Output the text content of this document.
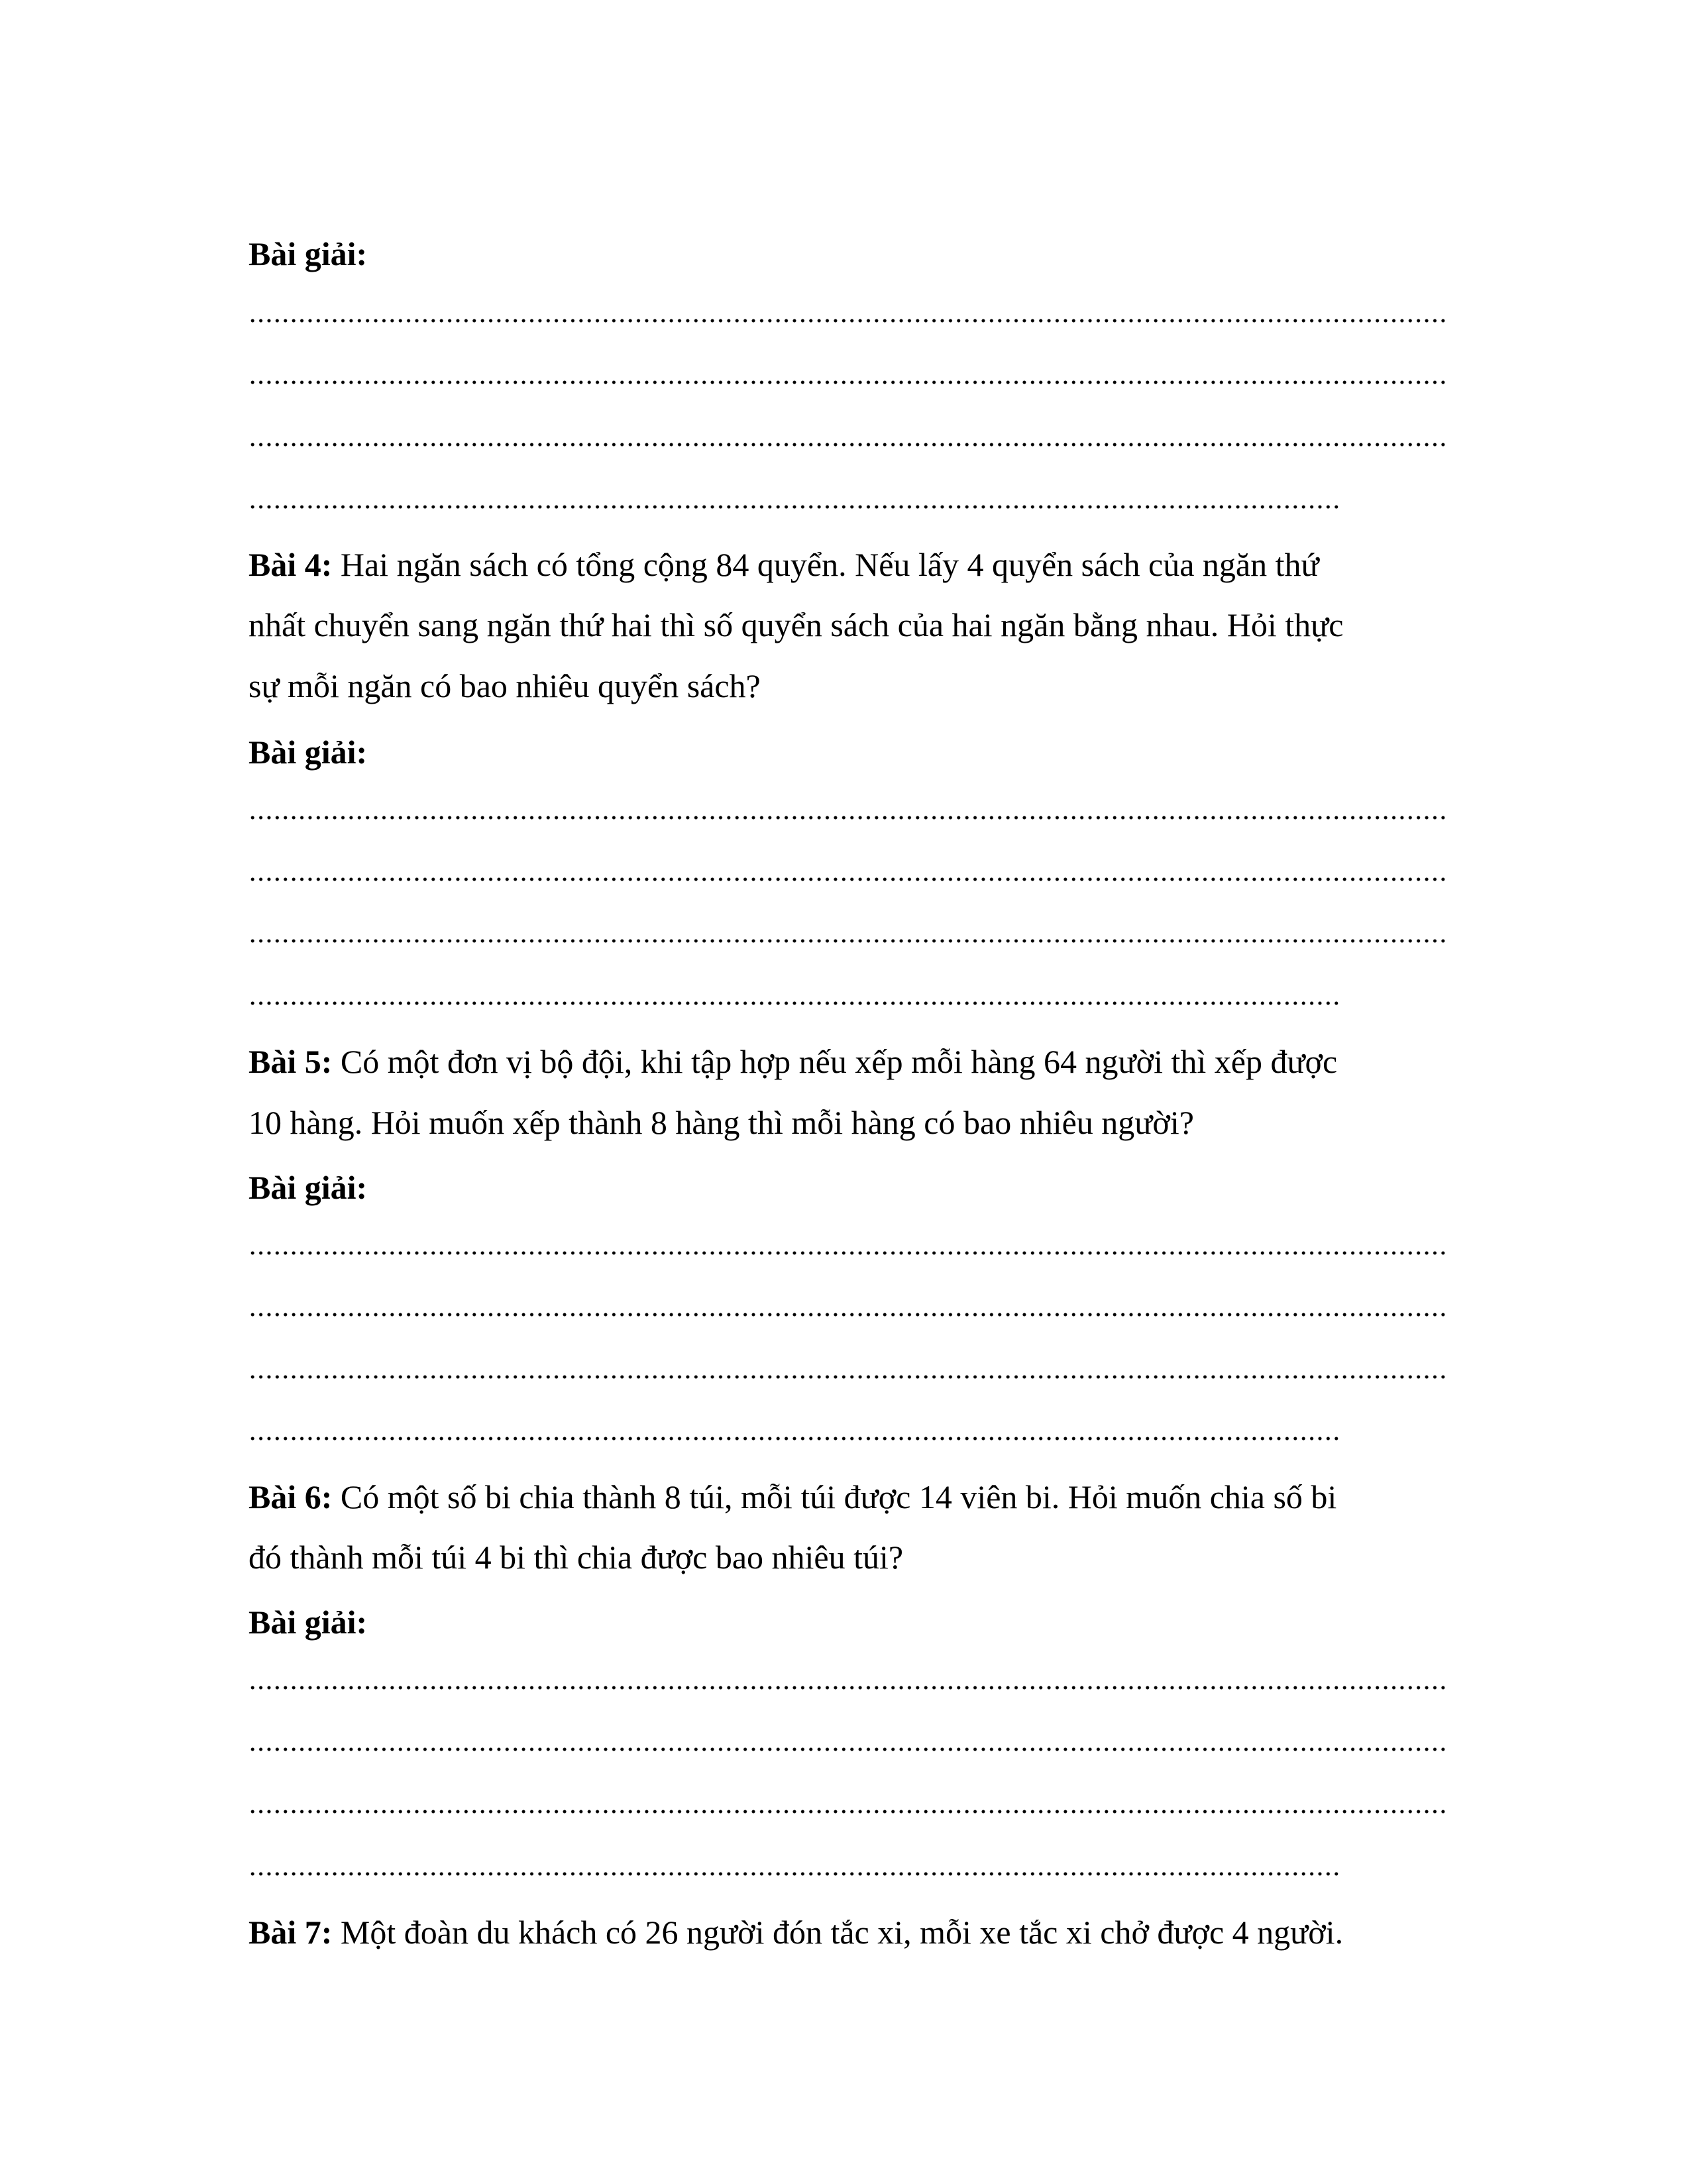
Bài giải:
Bài 4: Hai ngăn sách có tổng cộng 84 quyển. Nếu lấy 4 quyển sách của ngăn thứ
nhất chuyển sang ngăn thứ hai thì số quyển sách của hai ngăn bằng nhau. Hỏi thực
sự mỗi ngăn có bao nhiêu quyển sách?
Bài giải:
Bài 5: Có một đơn vị bộ đội, khi tập hợp nếu xếp mỗi hàng 64 người thì xếp được
10 hàng. Hỏi muốn xếp thành 8 hàng thì mỗi hàng có bao nhiêu người?
Bài giải:
Bài 6: Có một số bi chia thành 8 túi, mỗi túi được 14 viên bi. Hỏi muốn chia số bi
đó thành mỗi túi 4 bi thì chia được bao nhiêu túi?
Bài giải:
Bài 7: Một đoàn du khách có 26 người đón tắc xi, mỗi xe tắc xi chở được 4 người.
